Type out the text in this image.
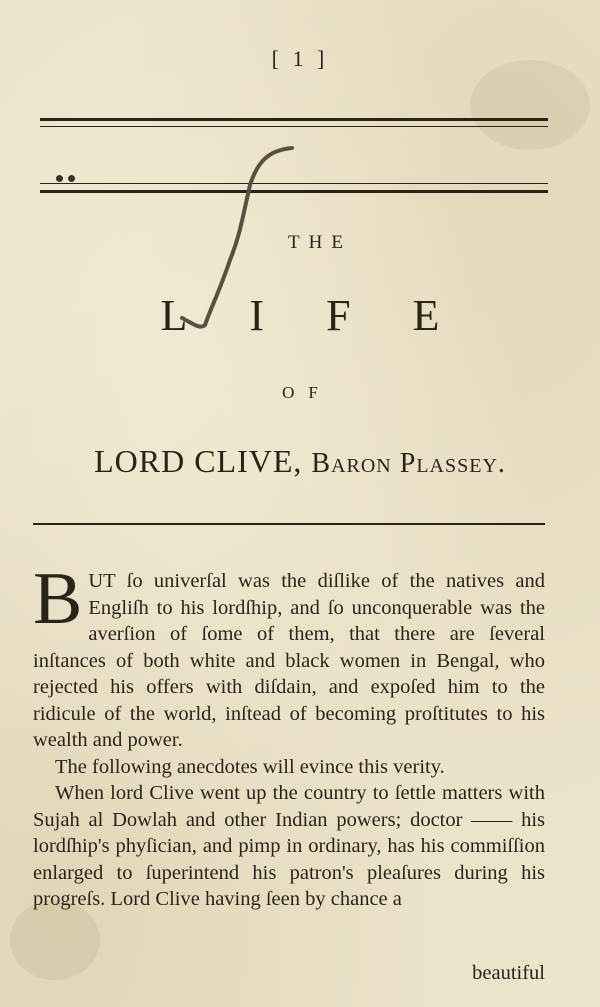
[ 1 ]
THE
LIFE
OF
LORD CLIVE, Baron Plassey.

BUT ſo univerſal was the diſlike of the natives and Engliſh to his lordſhip, and ſo unconquerable was the averſion of ſome of them, that there are ſeveral inſtances of both white and black women in Bengal, who rejected his offers with diſdain, and expoſed him to the ridicule of the world, inſtead of becoming proſtitutes to his wealth and power.

The following anecdotes will evince this verity.

When lord Clive went up the country to ſettle matters with Sujah al Dowlah and other Indian powers; doctor —— his lordſhip's phyſician, and pimp in ordinary, has his commiſſion enlarged to ſuperintend his patron's pleaſures during his progreſs. Lord Clive having ſeen by chance a

beautiful
